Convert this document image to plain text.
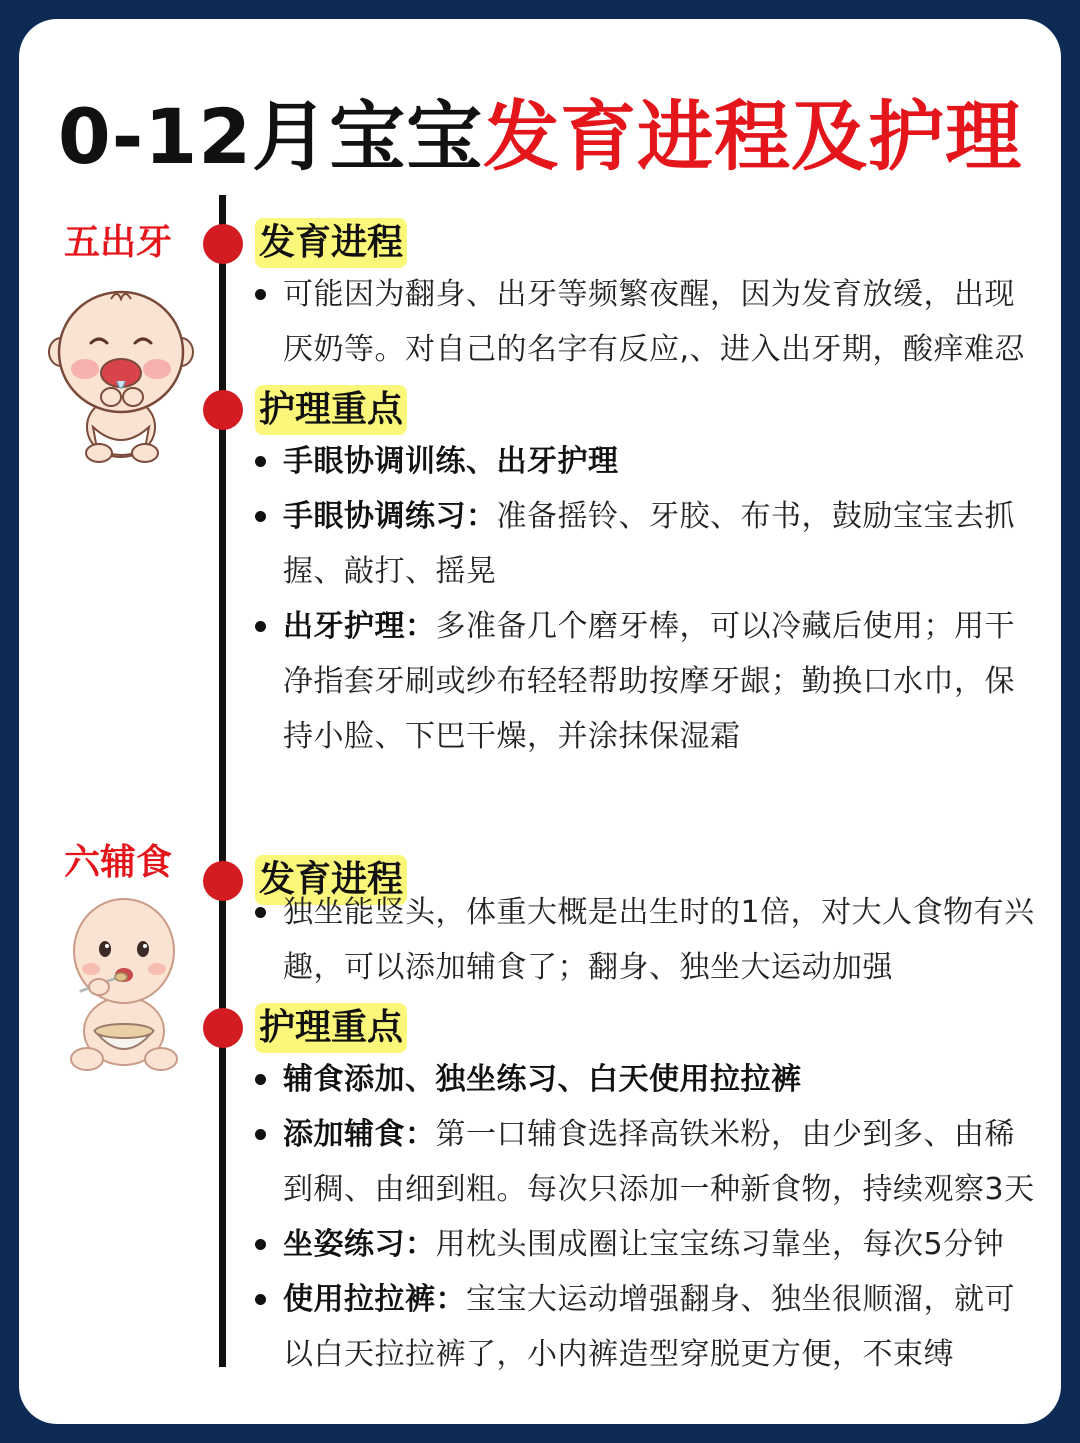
0-12月宝宝发育进程及护理
五出牙	发育进程
可能因为翻身、出牙等频繁夜醒，因为发育放缓，出现厌奶等。对自己的名字有反应,、进入出牙期，酸痒难忍
护理重点
手眼协调训练、出牙护理
手眼协调练习：准备摇铃、牙胶、布书，鼓励宝宝去抓握、敲打、摇晃
出牙护理：多准备几个磨牙棒，可以冷藏后使用；用干净指套牙刷或纱布轻轻帮助按摩牙龈；勤换口水巾，保持小脸、下巴干燥，并涂抹保湿霜
六辅食	发育进程
独坐能竖头，体重大概是出生时的1倍，对大人食物有兴趣，可以添加辅食了；翻身、独坐大运动加强
护理重点
辅食添加、独坐练习、白天使用拉拉裤
添加辅食：第一口辅食选择高铁米粉，由少到多、由稀到稠、由细到粗。每次只添加一种新食物，持续观察3天
坐姿练习：用枕头围成圈让宝宝练习靠坐，每次5分钟
使用拉拉裤：宝宝大运动增强翻身、独坐很顺溜，就可以白天拉拉裤了，小内裤造型穿脱更方便，不束缚
